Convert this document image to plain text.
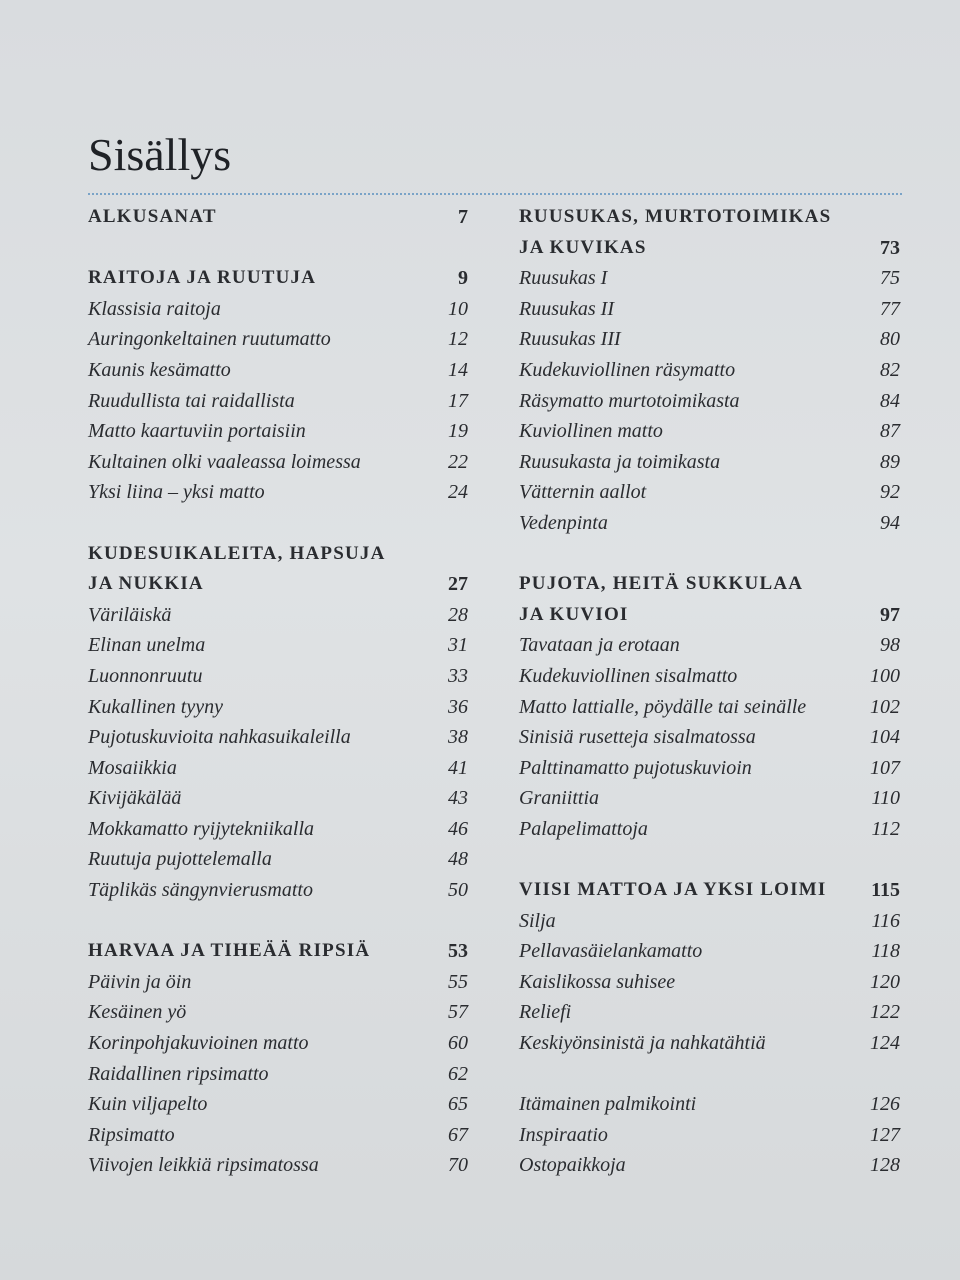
Sisällys
ALKUSANAT	7
RAITOJA JA RUUTUJA	9
Klassisia raitoja	10
Auringonkeltainen ruutumatto	12
Kaunis kesämatto	14
Ruudullista tai raidallista	17
Matto kaartuviin portaisiin	19
Kultainen olki vaaleassa loimessa	22
Yksi liina – yksi matto	24
KUDESUIKALEITA, HAPSUJA
JA NUKKIA	27
Väriläiskä	28
Elinan unelma	31
Luonnonruutu	33
Kukallinen tyyny	36
Pujotuskuvioita nahkasuikaleilla	38
Mosaiikkia	41
Kivijäkälää	43
Mokkamatto ryijytekniikalla	46
Ruutuja pujottelemalla	48
Täplikäs sängynvierusmatto	50
HARVAA JA TIHEÄÄ RIPSIÄ	53
Päivin ja öin	55
Kesäinen yö	57
Korinpohjakuvioinen matto	60
Raidallinen ripsimatto	62
Kuin viljapelto	65
Ripsimatto	67
Viivojen leikkiä ripsimatossa	70
RUUSUKAS, MURTOTOIMIKAS
JA KUVIKAS	73
Ruusukas I	75
Ruusukas II	77
Ruusukas III	80
Kudekuviollinen räsymatto	82
Räsymatto murtotoimikasta	84
Kuviollinen matto	87
Ruusukasta ja toimikasta	89
Vätternin aallot	92
Vedenpinta	94
PUJOTA, HEITÄ SUKKULAA
JA KUVIOI	97
Tavataan ja erotaan	98
Kudekuviollinen sisalmatto	100
Matto lattialle, pöydälle tai seinälle	102
Sinisiä rusetteja sisalmatossa	104
Palttinamatto pujotuskuvioin	107
Graniittia	110
Palapelimattoja	112
VIISI MATTOA JA YKSI LOIMI 115
Silja	116
Pellavasäielankamatto	118
Kaislikossa suhisee	120
Reliefi	122
Keskiyönsinistä ja nahkatähtiä	124
Itämainen palmikointi	126
Inspiraatio	127
Ostopaikkoja	128
